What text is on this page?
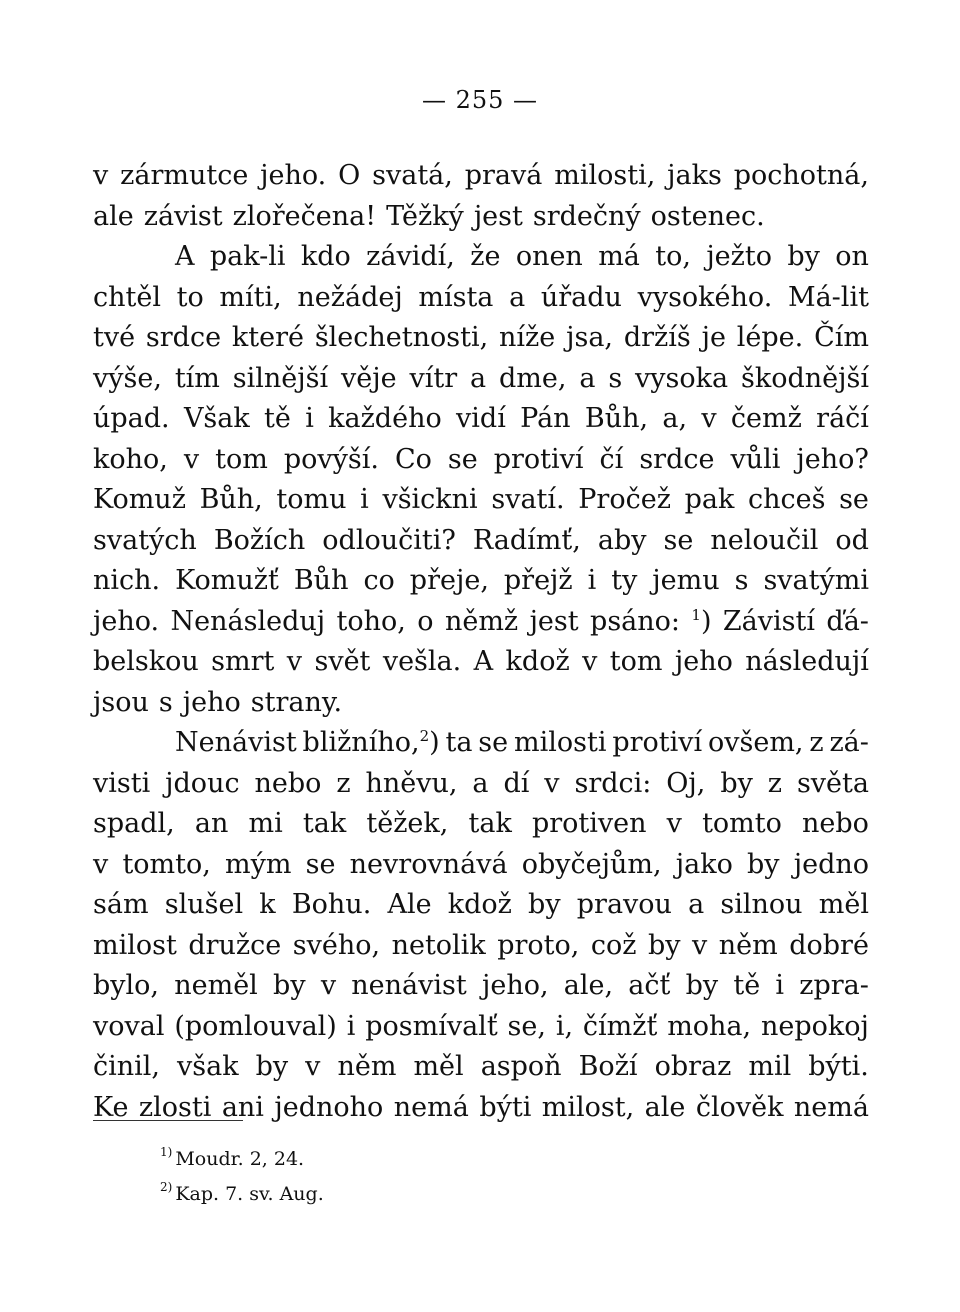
— 255 —
v zármutce jeho. O svatá, pravá milosti, jaks pochotná,
ale závist zlořečena! Těžký jest srdečný ostenec.
A pak-li kdo závidí, že onen má to, ježto by on
chtěl to míti, nežádej místa a úřadu vysokého. Má-lit
tvé srdce které šlechetnosti, níže jsa, držíš je lépe. Čím
výše, tím silnější věje vítr a dme, a s vysoka škodnější
úpad. Však tě i každého vidí Pán Bůh, a, v čemž ráčí
koho, v tom povýší. Co se protiví čí srdce vůli jeho?
Komuž Bůh, tomu i všickni svatí. Pročež pak chceš se
svatých Božích odloučiti? Radímť, aby se neloučil od
nich. Komužť Bůh co přeje, přejž i ty jemu s svatými
jeho. Nenásleduj toho, o němž jest psáno: $^1$) Závistí ďá-
belskou smrt v svět vešla. A kdož v tom jeho následují
jsou s jeho strany.
Nenávist bližního,$^2$) ta se milosti protiví ovšem, z zá-
visti jdouc nebo z hněvu, a dí v srdci: Oj, by z světa
spadl, an mi tak těžek, tak protiven v tomto nebo
v tomto, mým se nevrovnává obyčejům, jako by jedno
sám slušel k Bohu. Ale kdož by pravou a silnou měl
milost družce svého, netolik proto, což by v něm dobré
bylo, neměl by v nenávist jeho, ale, ačť by tě i zpra-
voval (pomlouval) i posmívalť se, i, čímžť moha, nepokoj
činil, však by v něm měl aspoň Boží obraz mil býti.
Ke zlosti ani jednoho nemá býti milost, ale člověk nemá
1) Moudr. 2, 24.
2) Kap. 7. sv. Aug.
